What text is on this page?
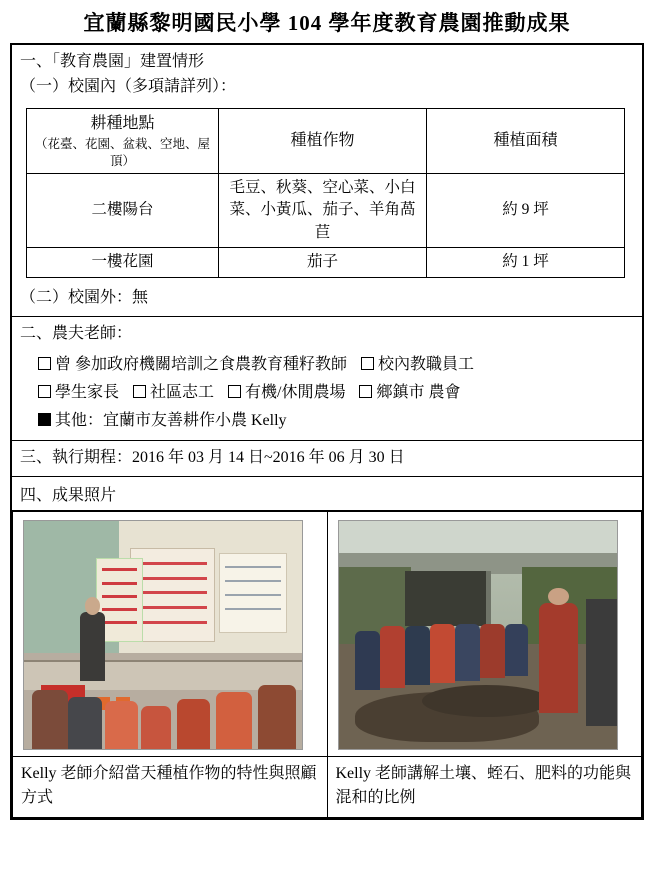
宜蘭縣黎明國民小學 104 學年度教育農園推動成果
一、「教育農園」建置情形
（一）校園內（多項請詳列）：
耕種地點
（花臺、花園、盆栽、空地、屋頂）
	種植作物	種植面積
二樓陽台	毛豆、秋葵、空心菜、小白菜、小黃瓜、茄子、羊角萵苣	約 9 坪
一樓花園	茄子	約 1 坪
（二）校園外：無

二、農夫老師：
曾 參加政府機關培訓之食農教育種籽教師 校內教職員工
學生家長 社區志工 有機/休閒農場 鄉鎮市 農會
其他：宜蘭市友善耕作小農 Kelly

三、執行期程：2016 年 03 月 14 日~2016 年 06 月 30 日

四、成果照片

Kelly 老師介紹當天種植作物的特性與照顧方式

Kelly 老師講解土壤、蛭石、肥料的功能與混和的比例
